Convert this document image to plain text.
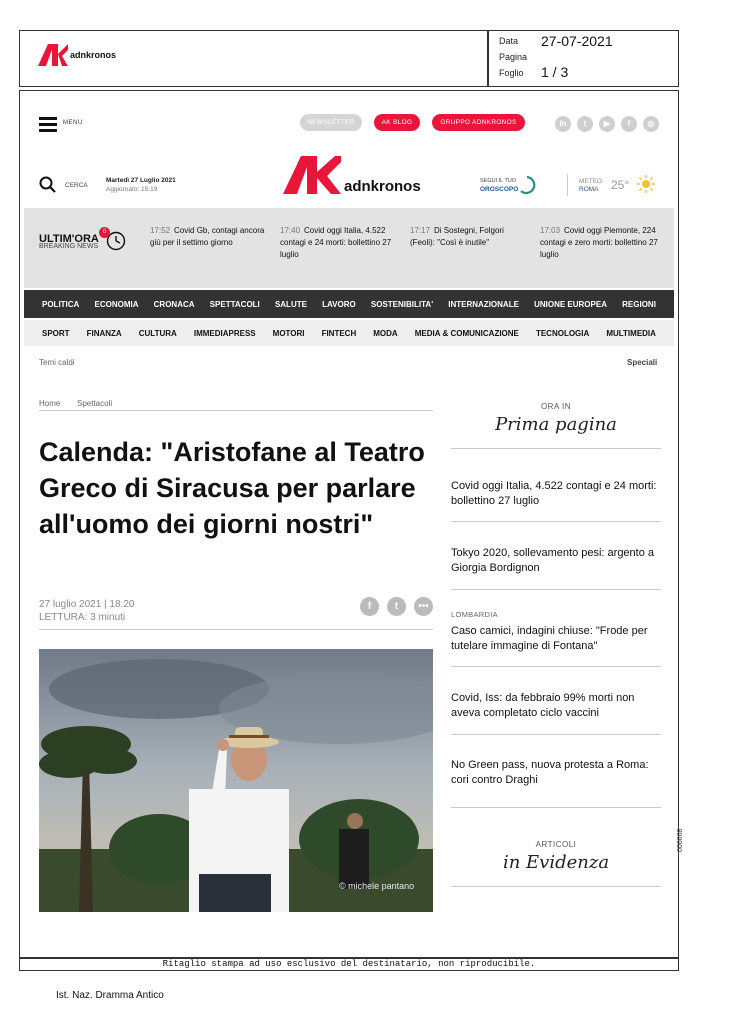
adnkronos
Data 27-07-2021
Pagina
Foglio 1 / 3
MENU	NEWSLETTER	AK BLOG	GRUPPO ADNKRONOS	in	t	▶	f	◎
CERCA
Martedì 27 Luglio 2021
Aggiornato: 15:19	adnkronos	SEGUI IL TUO
OROSCOPO
METEO
ROMA 25°
ULTIM'ORA
BREAKING NEWS
0	17:52 Covid Gb, contagi ancora giù per il settimo giorno
17:40 Covid oggi Italia, 4.522 contagi e 24 morti: bollettino 27 luglio
17:17 Di Sostegni, Folgori (Feoli): "Così è inutile"
17:03 Covid oggi Piemonte, 224 contagi e zero morti: bollettino 27 luglio
POLITICA ECONOMIA CRONACA SPETTACOLI SALUTE LAVORO SOSTENIBILITA' INTERNAZIONALE UNIONE EUROPEA REGIONI
SPORT FINANZA CULTURA IMMEDIAPRESS MOTORI FINTECH MODA MEDIA & COMUNICAZIONE TECNOLOGIA MULTIMEDIA
Temi caldi	Speciali
Home Spettacoli
Calenda: "Aristofane al Teatro Greco di Siracusa per parlare all'uomo dei giorni nostri"
27 luglio 2021 | 18:20
LETTURA: 3 minuti
f	t	•••
© michele pantano
ORA IN
Prima pagina
Covid oggi Italia, 4.522 contagi e 24 morti: bollettino 27 luglio
Tokyo 2020, sollevamento pesi: argento a Giorgia Bordignon
LOMBARDIA
Caso camici, indagini chiuse: "Frode per tutelare immagine di Fontana"
Covid, Iss: da febbraio 99% morti non aveva completato ciclo vaccini
No Green pass, nuova protesta a Roma: cori contro Draghi
ARTICOLI
in Evidenza
006608
Ritaglio stampa ad uso esclusivo del destinatario, non riproducibile.
Ist. Naz. Dramma Antico
